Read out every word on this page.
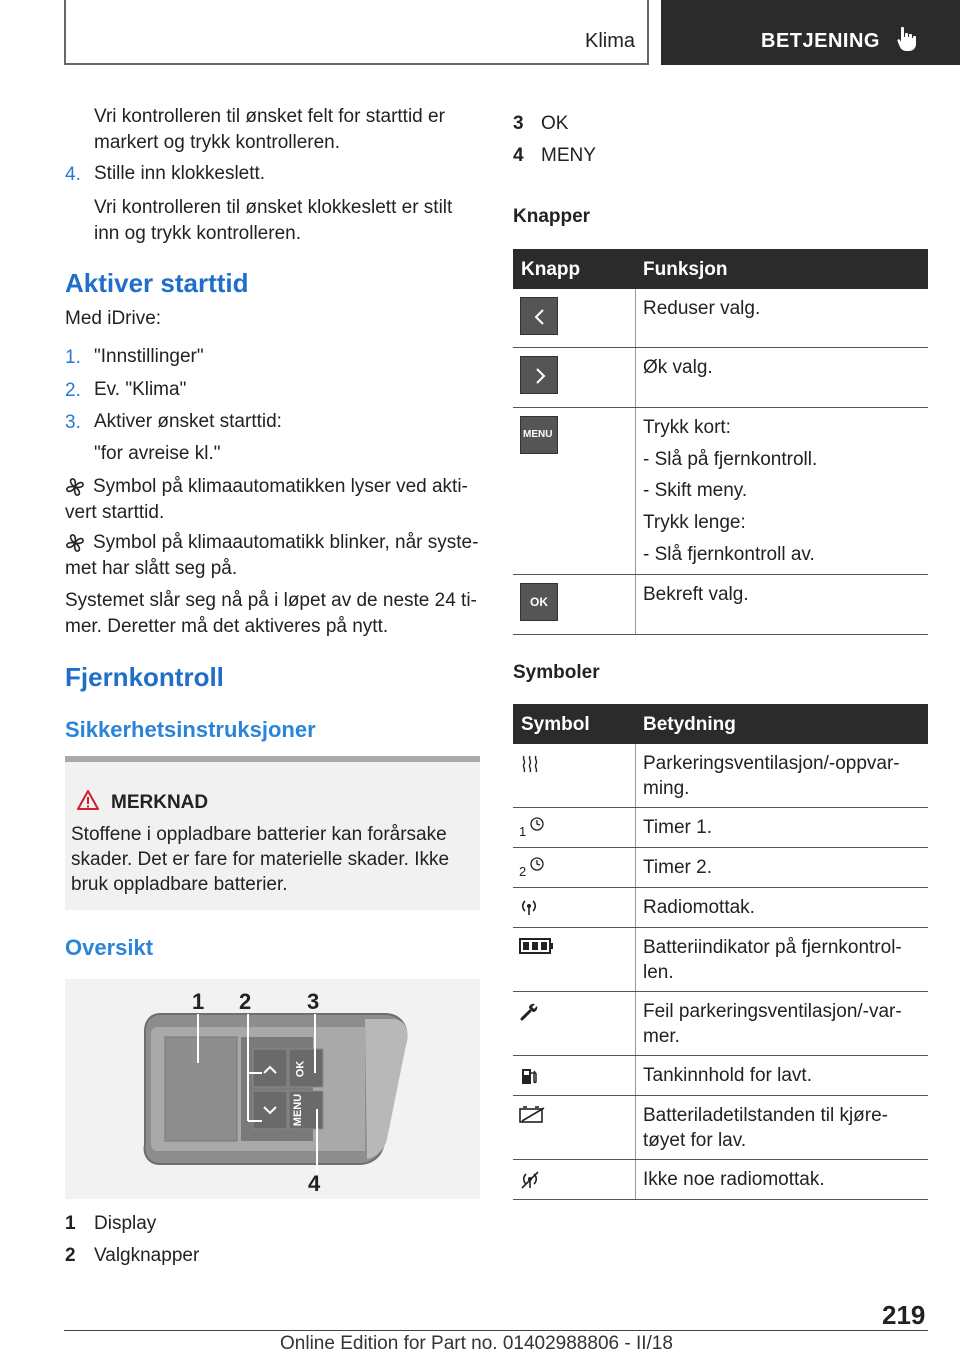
Klima	BETJENING
Vri kontrolleren til ønsket felt for starttid er
markert og trykk kontrolleren.
4. Stille inn klokkeslett.
Vri kontrolleren til ønsket klokkeslett er stilt
inn og trykk kontrolleren.
Aktiver starttid
Med iDrive:
1. "Innstillinger"
2. Ev. "Klima"
3. Aktiver ønsket starttid:
"for avreise kl."
Symbol på klimaautomatikken lyser ved akti-
vert starttid.
Symbol på klimaautomatikk blinker, når syste-
met har slått seg på.
Systemet slår seg nå på i løpet av de neste 24 ti-
mer. Deretter må det aktiveres på nytt.
Fjernkontroll
Sikkerhetsinstruksjoner
MERKNAD
Stoffene i oppladbare batterier kan forårsake
skader. Det er fare for materielle skader. Ikke
bruk oppladbare batterier.
Oversikt
OK
MENU
1 2	3
4
1 Display
2 Valgknapper
3 OK
4 MENY
Knapper
Knapp	Funksjon
Reduser valg.
Øk valg.
MENU	Trykk kort:
- Slå på fjernkontroll.
- Skift meny.
Trykk lenge:
- Slå fjernkontroll av.
OK	Bekreft valg.
Symboler
Symbol	Betydning
Parkeringsventilasjon/-oppvar-
ming.
1	Timer 1.
2	Timer 2.
Radiomottak.
Batteriindikator på fjernkontrol-
len.
Feil parkeringsventilasjon/-var-
mer.
Tankinnhold for lavt.
Batteriladetilstanden til kjøre-
tøyet for lav.
Ikke noe radiomottak.
219
Online Edition for Part no. 01402988806 - II/18
